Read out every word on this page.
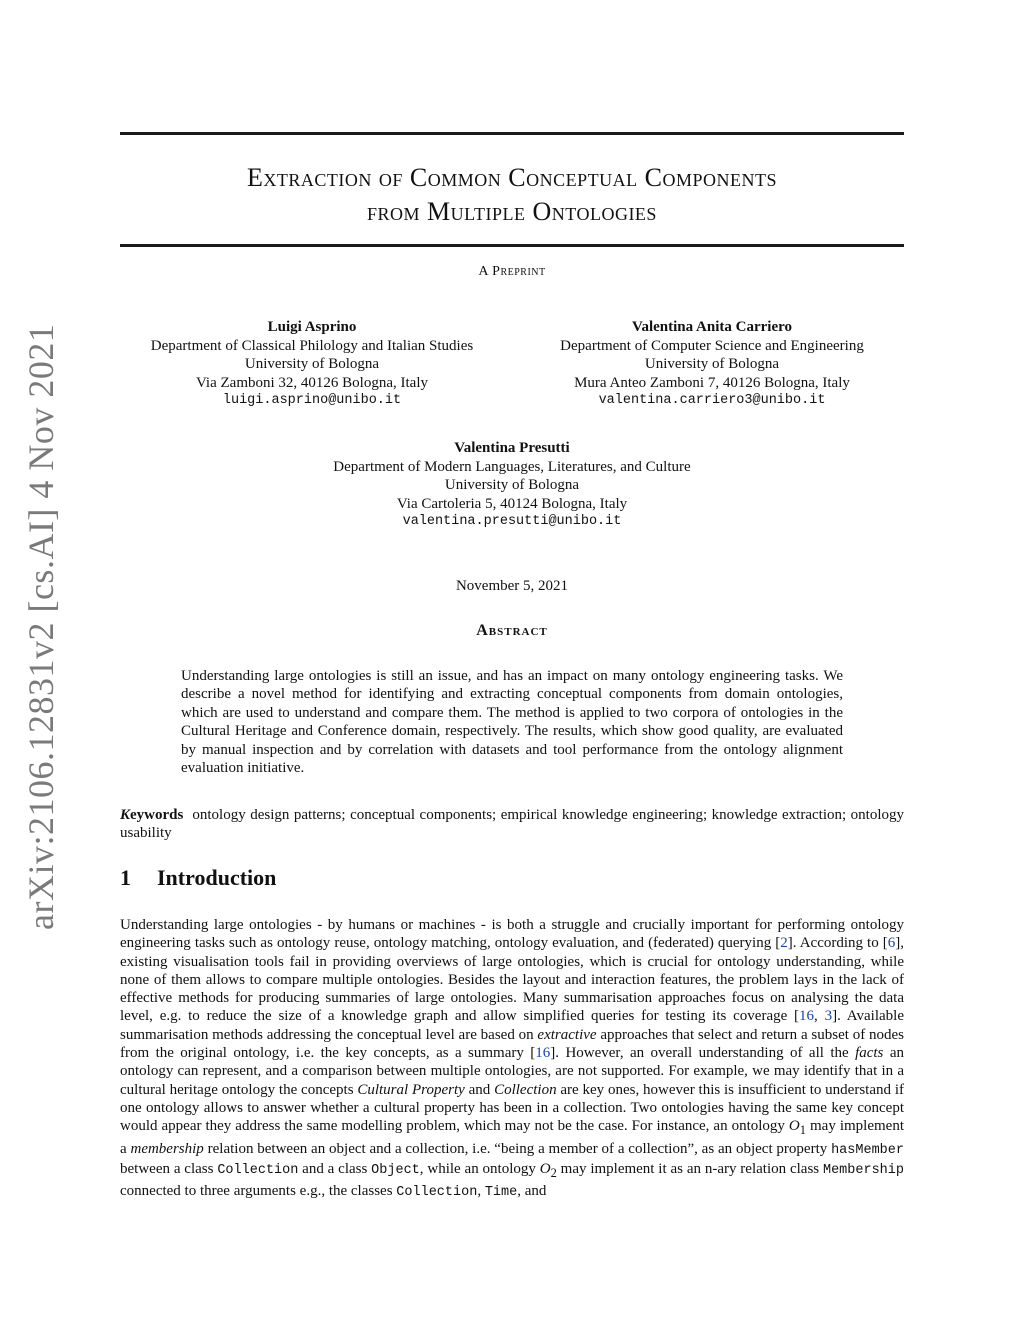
arXiv:2106.12831v2 [cs.AI] 4 Nov 2021
Extraction of Common Conceptual Components
from Multiple Ontologies
A Preprint
Luigi Asprino
Department of Classical Philology and Italian Studies
University of Bologna
Via Zamboni 32, 40126 Bologna, Italy
luigi.asprino@unibo.it
Valentina Anita Carriero
Department of Computer Science and Engineering
University of Bologna
Mura Anteo Zamboni 7, 40126 Bologna, Italy
valentina.carriero3@unibo.it
Valentina Presutti
Department of Modern Languages, Literatures, and Culture
University of Bologna
Via Cartoleria 5, 40124 Bologna, Italy
valentina.presutti@unibo.it
November 5, 2021
Abstract
Understanding large ontologies is still an issue, and has an impact on many ontology engineering tasks. We describe a novel method for identifying and extracting conceptual components from domain ontologies, which are used to understand and compare them. The method is applied to two corpora of ontologies in the Cultural Heritage and Conference domain, respectively. The results, which show good quality, are evaluated by manual inspection and by correlation with datasets and tool performance from the ontology alignment evaluation initiative.
Keywords ontology design patterns; conceptual components; empirical knowledge engineering; knowledge extraction; ontology usability
1 Introduction
Understanding large ontologies - by humans or machines - is both a struggle and crucially important for performing ontology engineering tasks such as ontology reuse, ontology matching, ontology evaluation, and (federated) querying [2]. According to [6], existing visualisation tools fail in providing overviews of large ontologies, which is crucial for ontology understanding, while none of them allows to compare multiple ontologies. Besides the layout and interaction features, the problem lays in the lack of effective methods for producing summaries of large ontologies. Many summarisation approaches focus on analysing the data level, e.g. to reduce the size of a knowledge graph and allow simplified queries for testing its coverage [16, 3]. Available summarisation methods addressing the conceptual level are based on extractive approaches that select and return a subset of nodes from the original ontology, i.e. the key concepts, as a summary [16]. However, an overall understanding of all the facts an ontology can represent, and a comparison between multiple ontologies, are not supported. For example, we may identify that in a cultural heritage ontology the concepts Cultural Property and Collection are key ones, however this is insufficient to understand if one ontology allows to answer whether a cultural property has been in a collection. Two ontologies having the same key concept would appear they address the same modelling problem, which may not be the case. For instance, an ontology $O_1$ may implement a membership relation between an object and a collection, i.e. “being a member of a collection”, as an object property hasMember between a class Collection and a class Object, while an ontology $O_2$ may implement it as an n-ary relation class Membership connected to three arguments e.g., the classes Collection, Time, and
